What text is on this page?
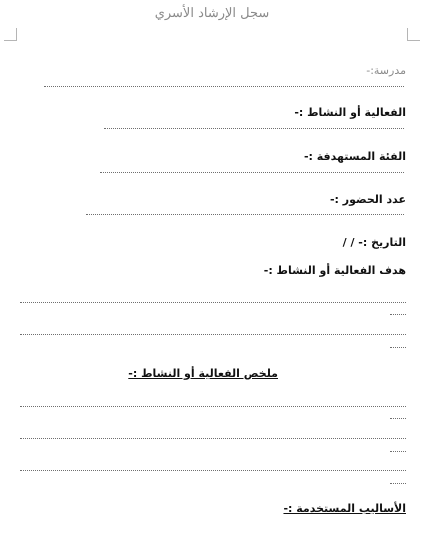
سجل الإرشاد الأسري
مدرسة:-
الفعالية أو النشاط :-
الفئة المستهدفة :-
عدد الحضور :-
التاريخ :- / /
هدف الفعالية أو النشاط :-
ملخص الفعالية أو النشاط :-
الأساليب المستخدمة :-
